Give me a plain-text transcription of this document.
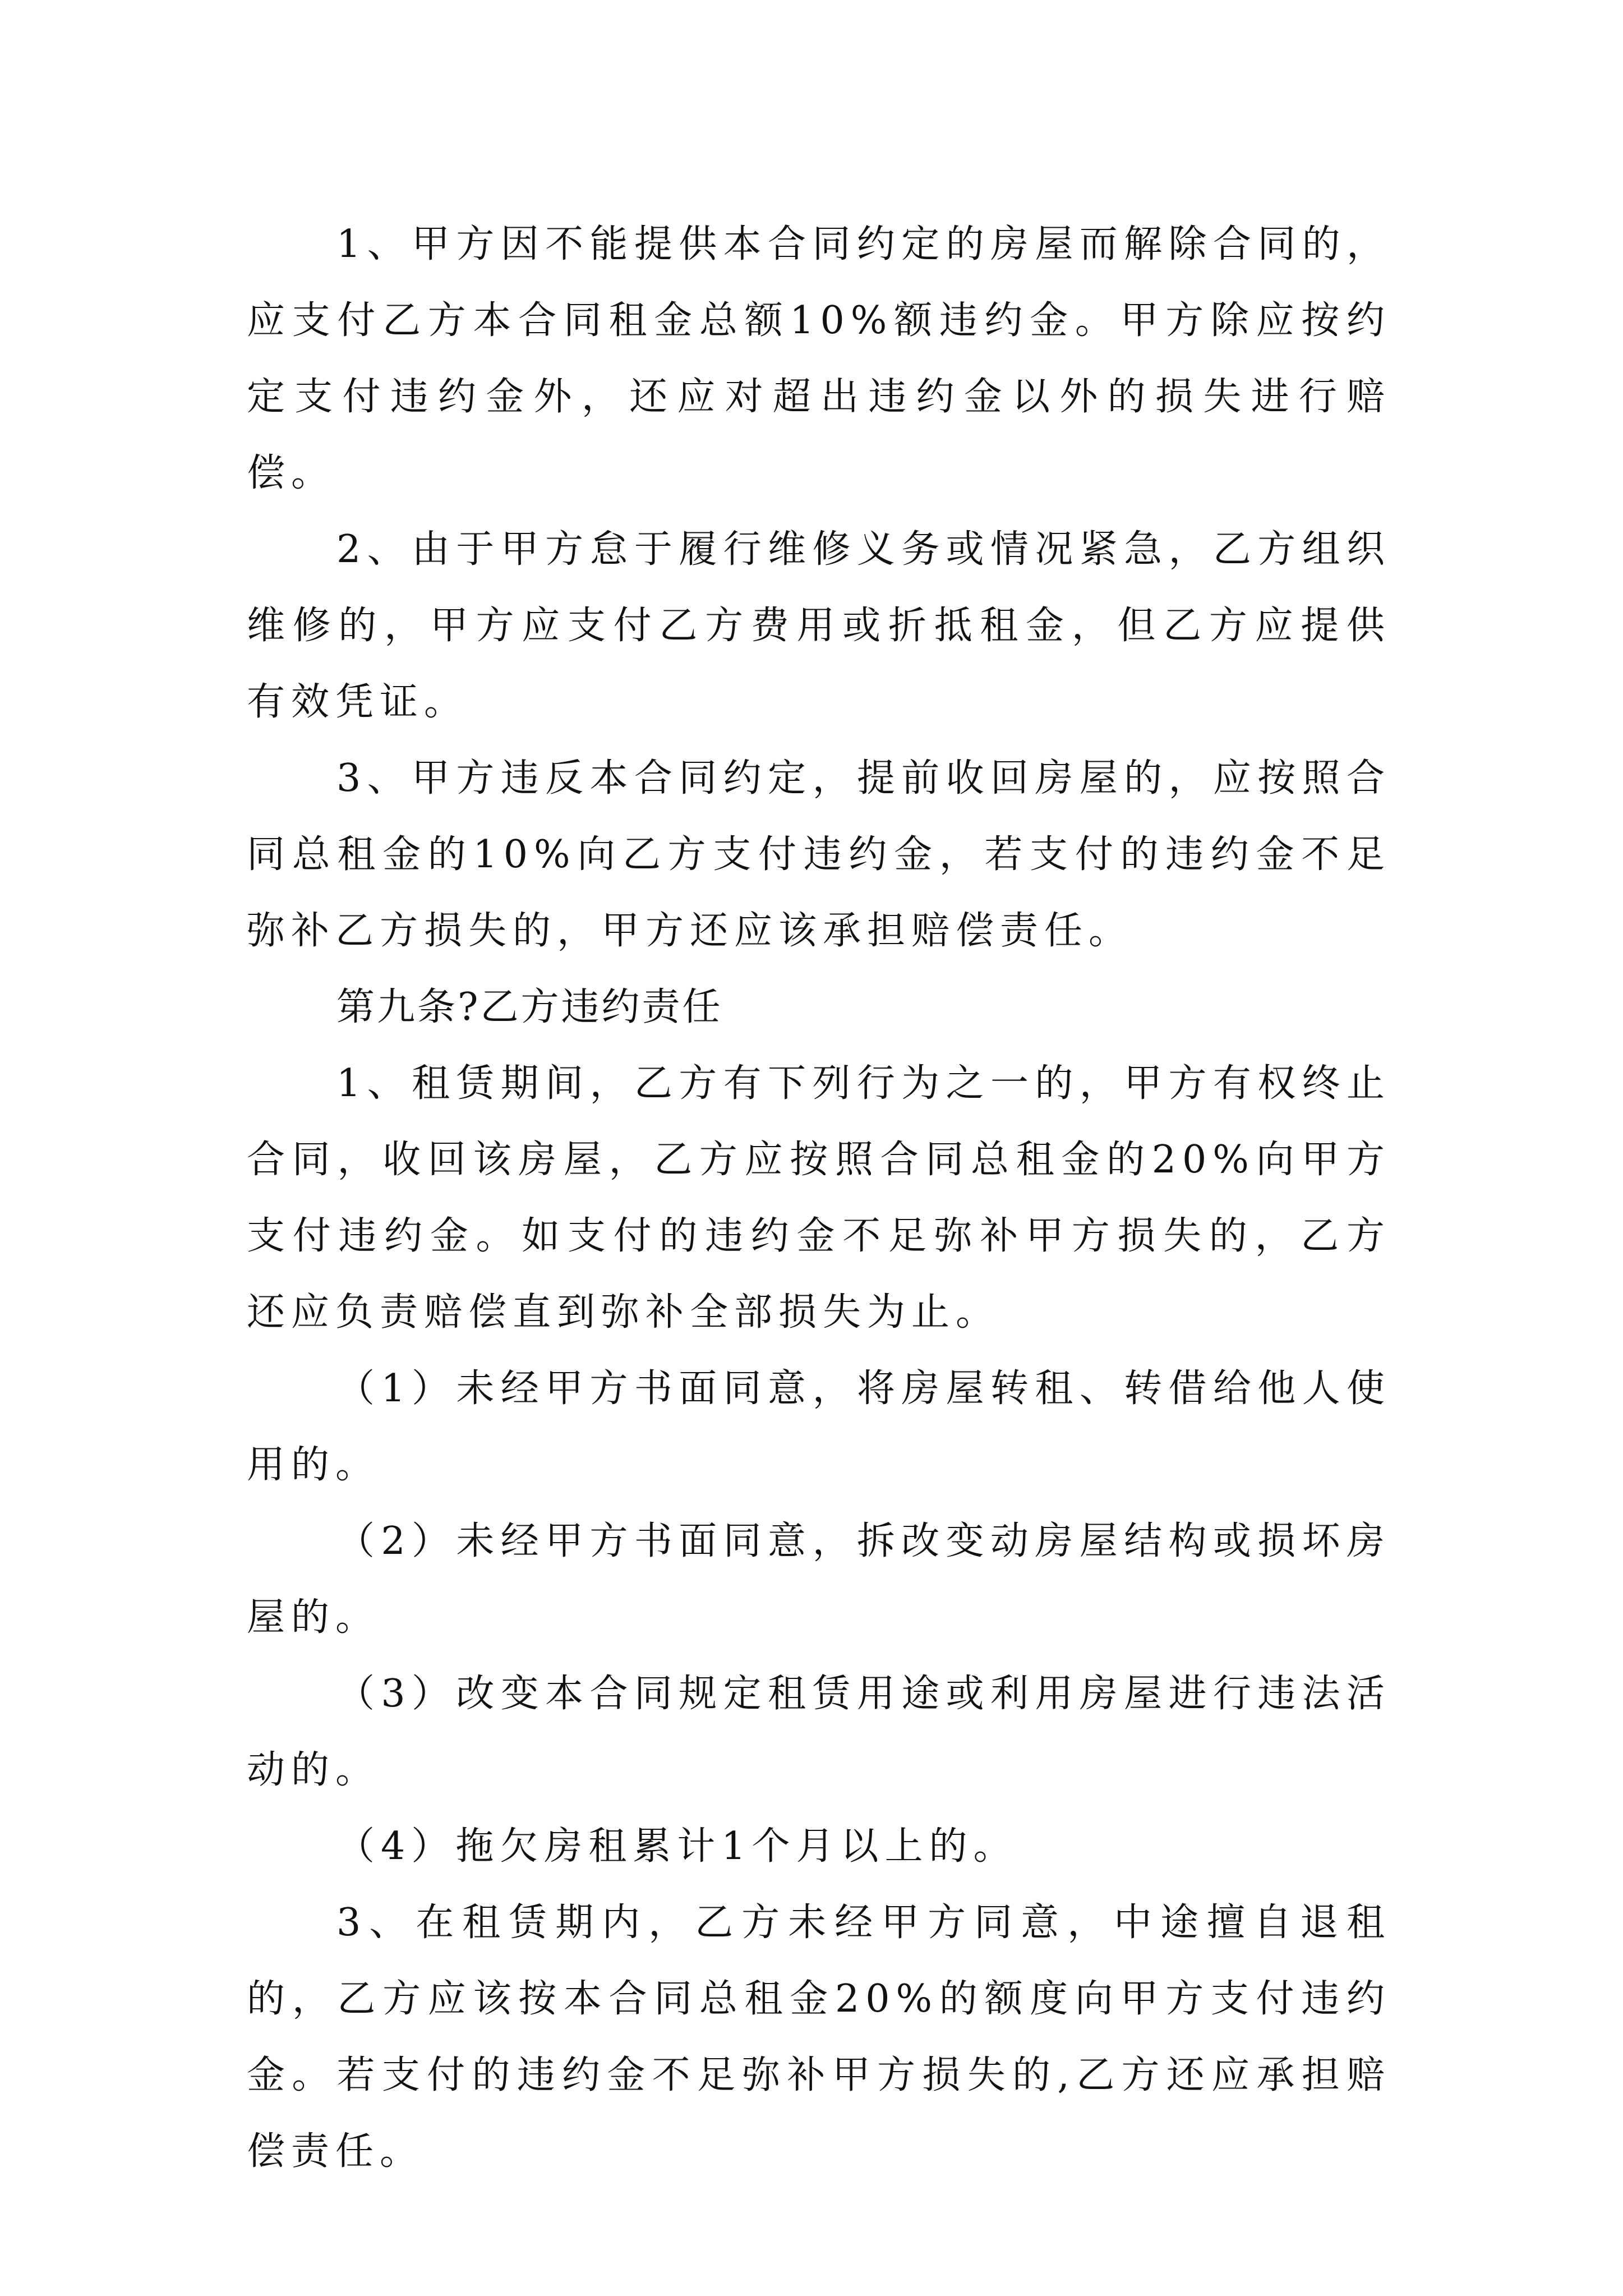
1、甲方因不能提供本合同约定的房屋而解除合同的，应支付乙方本合同租金总额10%额违约金。甲方除应按约定支付违约金外，还应对超出违约金以外的损失进行赔偿。

2、由于甲方怠于履行维修义务或情况紧急，乙方组织维修的，甲方应支付乙方费用或折抵租金，但乙方应提供有效凭证。

3、甲方违反本合同约定，提前收回房屋的，应按照合同总租金的10%向乙方支付违约金，若支付的违约金不足弥补乙方损失的，甲方还应该承担赔偿责任。

第九条?乙方违约责任

1、租赁期间，乙方有下列行为之一的，甲方有权终止合同，收回该房屋，乙方应按照合同总租金的20%向甲方支付违约金。如支付的违约金不足弥补甲方损失的，乙方还应负责赔偿直到弥补全部损失为止。

（1）未经甲方书面同意，将房屋转租、转借给他人使用的。

（2）未经甲方书面同意，拆改变动房屋结构或损坏房屋的。

（3）改变本合同规定租赁用途或利用房屋进行违法活动的。

（4）拖欠房租累计1个月以上的。

3、在租赁期内，乙方未经甲方同意，中途擅自退租的，乙方应该按本合同总租金20%的额度向甲方支付违约金。若支付的违约金不足弥补甲方损失的,乙方还应承担赔偿责任。
